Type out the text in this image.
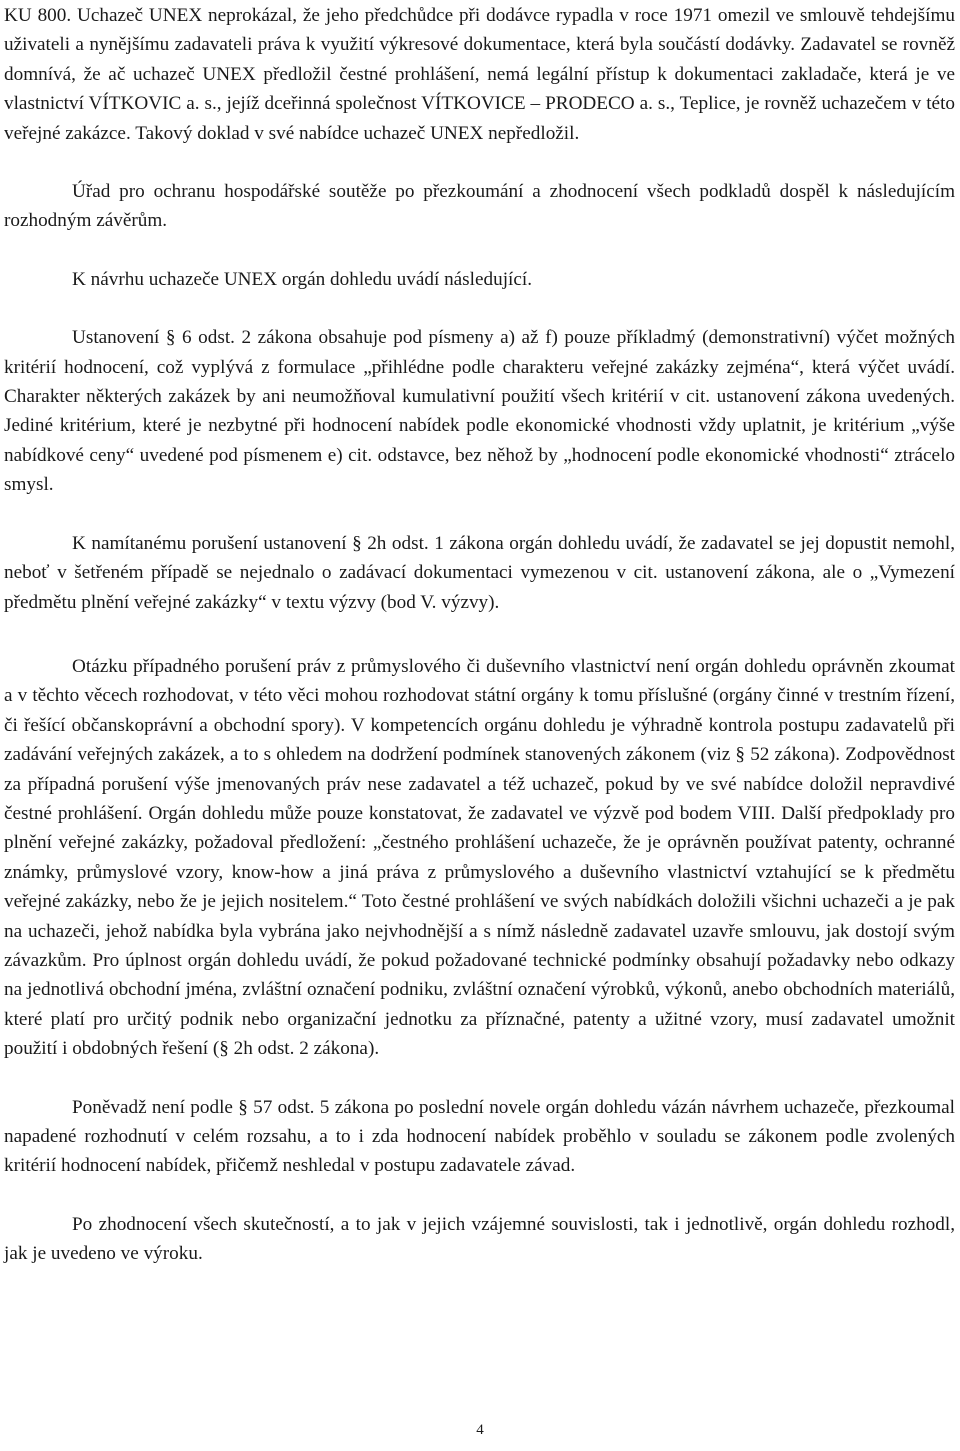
KU 800. Uchazeč UNEX neprokázal, že jeho předchůdce při dodávce rypadla v roce 1971 omezil ve smlouvě tehdejšímu uživateli a nynějšímu zadavateli práva k využití výkresové dokumentace, která byla součástí dodávky. Zadavatel se rovněž domnívá, že ač uchazeč UNEX předložil čestné prohlášení, nemá legální přístup k dokumentaci zakladače, která je ve vlastnictví VÍTKOVIC a. s., jejíž dceřinná společnost VÍTKOVICE – PRODECO a. s., Teplice, je rovněž uchazečem v této veřejné zakázce. Takový doklad v své nabídce uchazeč UNEX nepředložil.

Úřad pro ochranu hospodářské soutěže po přezkoumání a zhodnocení všech podkladů dospěl k následujícím rozhodným závěrům.

K návrhu uchazeče UNEX orgán dohledu uvádí následující.

Ustanovení § 6 odst. 2 zákona obsahuje pod písmeny a) až f) pouze příkladmý (demonstrativní) výčet možných kritérií hodnocení, což vyplývá z formulace „přihlédne podle charakteru veřejné zakázky zejména“, která výčet uvádí. Charakter některých zakázek by ani neumožňoval kumulativní použití všech kritérií v cit. ustanovení zákona uvedených. Jediné kritérium, které je nezbytné při hodnocení nabídek podle ekonomické vhodnosti vždy uplatnit, je kritérium „výše nabídkové ceny“ uvedené pod písmenem e) cit. odstavce, bez něhož by „hodnocení podle ekonomické vhodnosti“ ztrácelo smysl.

K namítanému porušení ustanovení § 2h odst. 1 zákona orgán dohledu uvádí, že zadavatel se jej dopustit nemohl, neboť v šetřeném případě se nejednalo o zadávací dokumentaci vymezenou v cit. ustanovení zákona, ale o „Vymezení předmětu plnění veřejné zakázky“ v textu výzvy (bod V. výzvy).

Otázku případného porušení práv z průmyslového či duševního vlastnictví není orgán dohledu oprávněn zkoumat a v těchto věcech rozhodovat, v této věci mohou rozhodovat státní orgány k tomu příslušné (orgány činné v trestním řízení, či řešící občanskoprávní a obchodní spory). V kompetencích orgánu dohledu je výhradně kontrola postupu zadavatelů při zadávání veřejných zakázek, a to s ohledem na dodržení podmínek stanovených zákonem (viz § 52 zákona). Zodpovědnost za případná porušení výše jmenovaných práv nese zadavatel a též uchazeč, pokud by ve své nabídce doložil nepravdivé čestné prohlášení. Orgán dohledu může pouze konstatovat, že zadavatel ve výzvě pod bodem VIII. Další předpoklady pro plnění veřejné zakázky, požadoval předložení: „čestného prohlášení uchazeče, že je oprávněn používat patenty, ochranné známky, průmyslové vzory, know-how a jiná práva z průmyslového a duševního vlastnictví vztahující se k předmětu veřejné zakázky, nebo že je jejich nositelem.“ Toto čestné prohlášení ve svých nabídkách doložili všichni uchazeči a je pak na uchazeči, jehož nabídka byla vybrána jako nejvhodnější a s nímž následně zadavatel uzavře smlouvu, jak dostojí svým závazkům. Pro úplnost orgán dohledu uvádí, že pokud požadované technické podmínky obsahují požadavky nebo odkazy na jednotlivá obchodní jména, zvláštní označení podniku, zvláštní označení výrobků, výkonů, anebo obchodních materiálů, které platí pro určitý podnik nebo organizační jednotku za příznačné, patenty a užitné vzory, musí zadavatel umožnit použití i obdobných řešení (§ 2h odst. 2 zákona).

Poněvadž není podle § 57 odst. 5 zákona po poslední novele orgán dohledu vázán návrhem uchazeče, přezkoumal napadené rozhodnutí v celém rozsahu, a to i zda hodnocení nabídek proběhlo v souladu se zákonem podle zvolených kritérií hodnocení nabídek, přičemž neshledal v postupu zadavatele závad.

Po zhodnocení všech skutečností, a to jak v jejich vzájemné souvislosti, tak i jednotlivě, orgán dohledu rozhodl, jak je uvedeno ve výroku.

4
